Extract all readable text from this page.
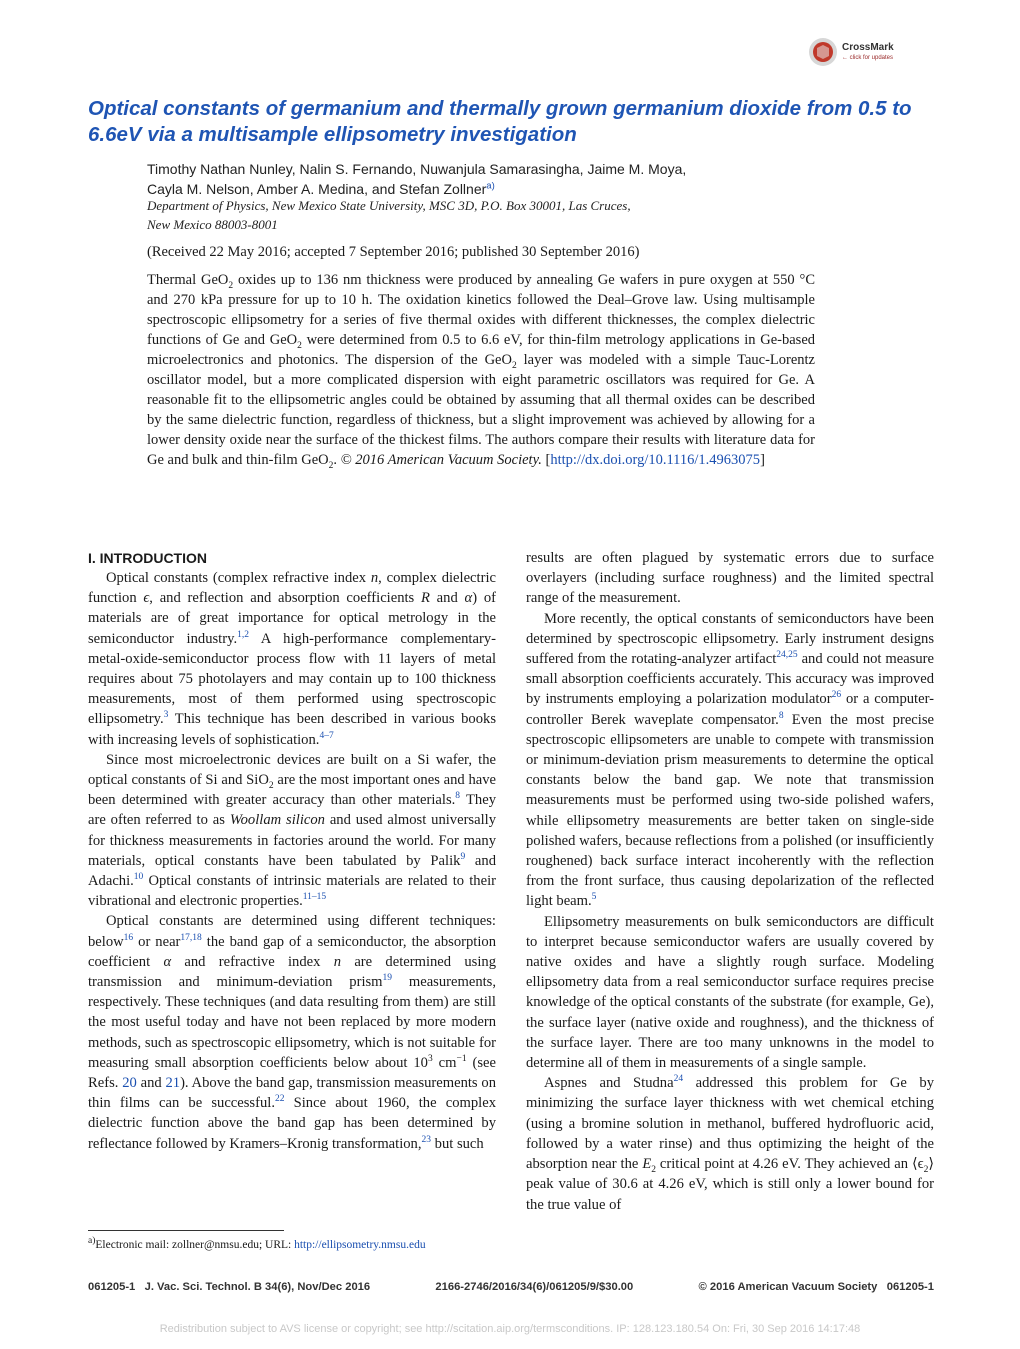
CrossMark
← click for updates
Optical constants of germanium and thermally grown germanium dioxide from 0.5 to 6.6eV via a multisample ellipsometry investigation
Timothy Nathan Nunley, Nalin S. Fernando, Nuwanjula Samarasingha, Jaime M. Moya,
Cayla M. Nelson, Amber A. Medina, and Stefan Zollner$^{a)}$
Department of Physics, New Mexico State University, MSC 3D, P.O. Box 30001, Las Cruces,
New Mexico 88003-8001
(Received 22 May 2016; accepted 7 September 2016; published 30 September 2016)
Thermal GeO$_2$ oxides up to 136 nm thickness were produced by annealing Ge wafers in pure oxygen at 550 °C and 270 kPa pressure for up to 10 h. The oxidation kinetics followed the Deal–Grove law. Using multisample spectroscopic ellipsometry for a series of five thermal oxides with different thicknesses, the complex dielectric functions of Ge and GeO$_2$ were determined from 0.5 to 6.6 eV, for thin-film metrology applications in Ge-based microelectronics and photonics. The dispersion of the GeO$_2$ layer was modeled with a simple Tauc-Lorentz oscillator model, but a more complicated dispersion with eight parametric oscillators was required for Ge. A reasonable fit to the ellipsometric angles could be obtained by assuming that all thermal oxides can be described by the same dielectric function, regardless of thickness, but a slight improvement was achieved by allowing for a lower density oxide near the surface of the thickest films. The authors compare their results with literature data for Ge and bulk and thin-film GeO$_2$. © 2016 American Vacuum Society. [http://dx.doi.org/10.1116/1.4963075]
I. INTRODUCTION

Optical constants (complex refractive index n, complex dielectric function ϵ, and reflection and absorption coefficients R and α) of materials are of great importance for optical metrology in the semiconductor industry.$^{1,2}$ A high-performance complementary-metal-oxide-semiconductor process flow with 11 layers of metal requires about 75 photolayers and may contain up to 100 thickness measurements, most of them performed using spectroscopic ellipsometry.$^3$ This technique has been described in various books with increasing levels of sophistication.$^{4-7}$

Since most microelectronic devices are built on a Si wafer, the optical constants of Si and SiO$_2$ are the most important ones and have been determined with greater accuracy than other materials.$^8$ They are often referred to as Woollam silicon and used almost universally for thickness measurements in factories around the world. For many materials, optical constants have been tabulated by Palik$^9$ and Adachi.$^{10}$ Optical constants of intrinsic materials are related to their vibrational and electronic properties.$^{11-15}$

Optical constants are determined using different techniques: below$^{16}$ or near$^{17,18}$ the band gap of a semiconductor, the absorption coefficient α and refractive index n are determined using transmission and minimum-deviation prism$^{19}$ measurements, respectively. These techniques (and data resulting from them) are still the most useful today and have not been replaced by more modern methods, such as spectroscopic ellipsometry, which is not suitable for measuring small absorption coefficients below about $10^3$ $cm^{-1}$ (see Refs. 20 and 21). Above the band gap, transmission measurements on thin films can be successful.$^{22}$ Since about 1960, the complex dielectric function above the band gap has been determined by reflectance followed by Kramers–Kronig transformation,$^{23}$ but such

results are often plagued by systematic errors due to surface overlayers (including surface roughness) and the limited spectral range of the measurement.

More recently, the optical constants of semiconductors have been determined by spectroscopic ellipsometry. Early instrument designs suffered from the rotating-analyzer artifact$^{24,25}$ and could not measure small absorption coefficients accurately. This accuracy was improved by instruments employing a polarization modulator$^{26}$ or a computer-controller Berek waveplate compensator.$^8$ Even the most precise spectroscopic ellipsometers are unable to compete with transmission or minimum-deviation prism measurements to determine the optical constants below the band gap. We note that transmission measurements must be performed using two-side polished wafers, while ellipsometry measurements are better taken on single-side polished wafers, because reflections from a polished (or insufficiently roughened) back surface interact incoherently with the reflection from the front surface, thus causing depolarization of the reflected light beam.$^5$

Ellipsometry measurements on bulk semiconductors are difficult to interpret because semiconductor wafers are usually covered by native oxides and have a slightly rough surface. Modeling ellipsometry data from a real semiconductor surface requires precise knowledge of the optical constants of the substrate (for example, Ge), the surface layer (native oxide and roughness), and the thickness of the surface layer. There are too many unknowns in the model to determine all of them in measurements of a single sample.

Aspnes and Studna$^{24}$ addressed this problem for Ge by minimizing the surface layer thickness with wet chemical etching (using a bromine solution in methanol, buffered hydrofluoric acid, followed by a water rinse) and thus optimizing the height of the absorption near the $E_2$ critical point at 4.26 eV. They achieved an $⟨\epsilon_2⟩$ peak value of 30.6 at 4.26 eV, which is still only a lower bound for the true value of

$^{a)}$Electronic mail: zollner@nmsu.edu; URL: http://ellipsometry.nmsu.edu
061205-1 J. Vac. Sci. Technol. B 34(6), Nov/Dec 2016	2166-2746/2016/34(6)/061205/9/$30.00	© 2016 American Vacuum Society 061205-1
Redistribution subject to AVS license or copyright; see http://scitation.aip.org/termsconditions. IP: 128.123.180.54 On: Fri, 30 Sep 2016 14:17:48
